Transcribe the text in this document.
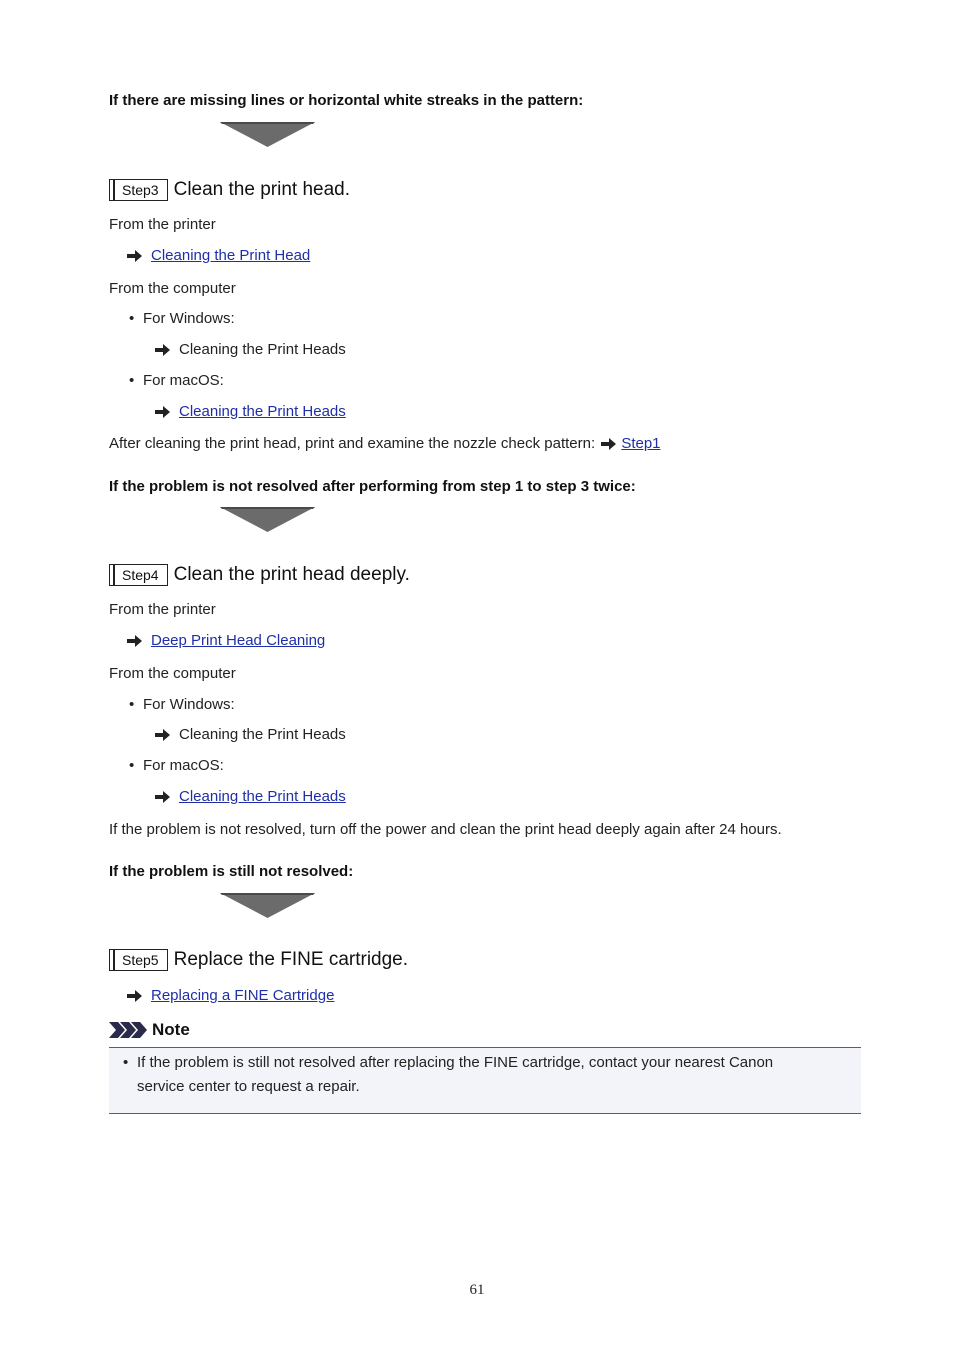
If there are missing lines or horizontal white streaks in the pattern:
Step3 Clean the print head.
From the printer
Cleaning the Print Head
From the computer
• For Windows:
Cleaning the Print Heads
• For macOS:
Cleaning the Print Heads
After cleaning the print head, print and examine the nozzle check pattern: Step1
If the problem is not resolved after performing from step 1 to step 3 twice:
Step4 Clean the print head deeply.
From the printer
Deep Print Head Cleaning
From the computer
• For Windows:
Cleaning the Print Heads
• For macOS:
Cleaning the Print Heads
If the problem is not resolved, turn off the power and clean the print head deeply again after 24 hours.
If the problem is still not resolved:
Step5 Replace the FINE cartridge.
Replacing a FINE Cartridge
Note
• If the problem is still not resolved after replacing the FINE cartridge, contact your nearest Canon
service center to request a repair.
61
